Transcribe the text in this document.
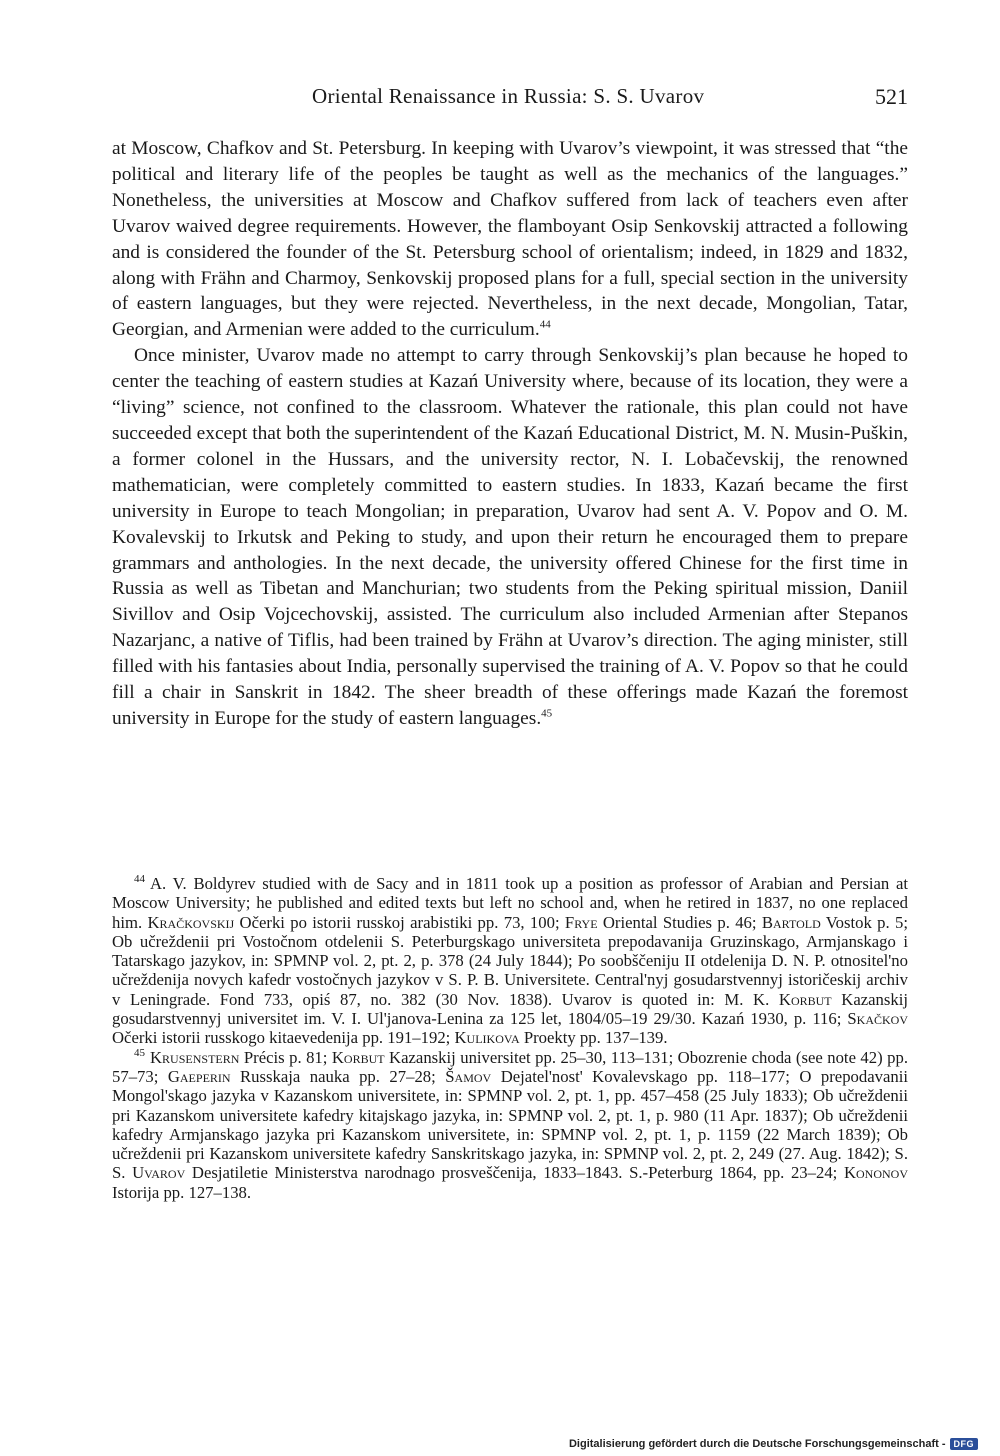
Oriental Renaissance in Russia: S. S. Uvarov	521

at Moscow, Chafkov and St. Petersburg. In keeping with Uvarov’s viewpoint, it was stressed that “the political and literary life of the peoples be taught as well as the mechanics of the languages.” Nonetheless, the universities at Moscow and Chafkov suffered from lack of teachers even after Uvarov waived degree requirements. However, the flamboyant Osip Senkovskij attracted a following and is considered the founder of the St. Petersburg school of orientalism; indeed, in 1829 and 1832, along with Frähn and Charmoy, Senkovskij proposed plans for a full, special section in the university of eastern languages, but they were rejected. Nevertheless, in the next decade, Mongolian, Tatar, Georgian, and Armenian were added to the curriculum.$^{44}$

Once minister, Uvarov made no attempt to carry through Senkovskij’s plan because he hoped to center the teaching of eastern studies at Kazań University where, because of its location, they were a “living” science, not confined to the classroom. Whatever the rationale, this plan could not have succeeded except that both the superintendent of the Kazań Educational District, M. N. Musin-Puškin, a former colonel in the Hussars, and the university rector, N. I. Lobačevskij, the renowned mathematician, were completely committed to eastern studies. In 1833, Kazań became the first university in Europe to teach Mongolian; in preparation, Uvarov had sent A. V. Popov and O. M. Kovalevskij to Irkutsk and Peking to study, and upon their return he encouraged them to prepare grammars and anthologies. In the next decade, the university offered Chinese for the first time in Russia as well as Tibetan and Manchurian; two students from the Peking spiritual mission, Daniil Sivillov and Osip Vojcechovskij, assisted. The curriculum also included Armenian after Stepanos Nazarjanc, a native of Tiflis, had been trained by Frähn at Uvarov’s direction. The aging minister, still filled with his fantasies about India, personally supervised the training of A. V. Popov so that he could fill a chair in Sanskrit in 1842. The sheer breadth of these offerings made Kazań the foremost university in Europe for the study of eastern languages.$^{45}$

$^{44}$ A. V. Boldyrev studied with de Sacy and in 1811 took up a position as professor of Arabian and Persian at Moscow University; he published and edited texts but left no school and, when he retired in 1837, no one replaced him. Kračkovskij Očerki po istorii russkoj arabistiki pp. 73, 100; Frye Oriental Studies p. 46; Bartold Vostok p. 5; Ob učreždenii pri Vostočnom otdelenii S. Peterburgskago universiteta prepodavanija Gruzinskago, Armjanskago i Tatarskago jazykov, in: SPMNP vol. 2, pt. 2, p. 378 (24 July 1844); Po soobščeniju II otdelenija D. N. P. otnositel'no učreždenija novych kafedr vostočnych jazykov v S. P. B. Universitete. Central'nyj gosudarstvennyj istoričeskij archiv v Leningrade. Fond 733, opiś 87, no. 382 (30 Nov. 1838). Uvarov is quoted in: M. K. Korbut Kazanskij gosudarstvennyj universitet im. V. I. Ul'janova-Lenina za 125 let, 1804/05–19 29/30. Kazań 1930, p. 116; Skačkov Očerki istorii russkogo kitaevedenija pp. 191–192; Kulikova Proekty pp. 137–139.

$^{45}$ Krusenstern Précis p. 81; Korbut Kazanskij universitet pp. 25–30, 113–131; Obozrenie choda (see note 42) pp. 57–73; Gaeperin Russkaja nauka pp. 27–28; Šamov Dejatel'nost' Kovalevskago pp. 118–177; O prepodavanii Mongol'skago jazyka v Kazanskom universitete, in: SPMNP vol. 2, pt. 1, pp. 457–458 (25 July 1833); Ob učreždenii pri Kazanskom universitete kafedry kitajskago jazyka, in: SPMNP vol. 2, pt. 1, p. 980 (11 Apr. 1837); Ob učreždenii kafedry Armjanskago jazyka pri Kazanskom universitete, in: SPMNP vol. 2, pt. 1, p. 1159 (22 March 1839); Ob učreždenii pri Kazanskom universitete kafedry Sanskritskago jazyka, in: SPMNP vol. 2, pt. 2, 249 (27. Aug. 1842); S. S. Uvarov Desjatiletie Ministerstva narodnago prosveščenija, 1833–1843. S.-Peterburg 1864, pp. 23–24; Kononov Istorija pp. 127–138.

Digitalisierung gefördert durch die Deutsche Forschungsgemeinschaft - DFG
